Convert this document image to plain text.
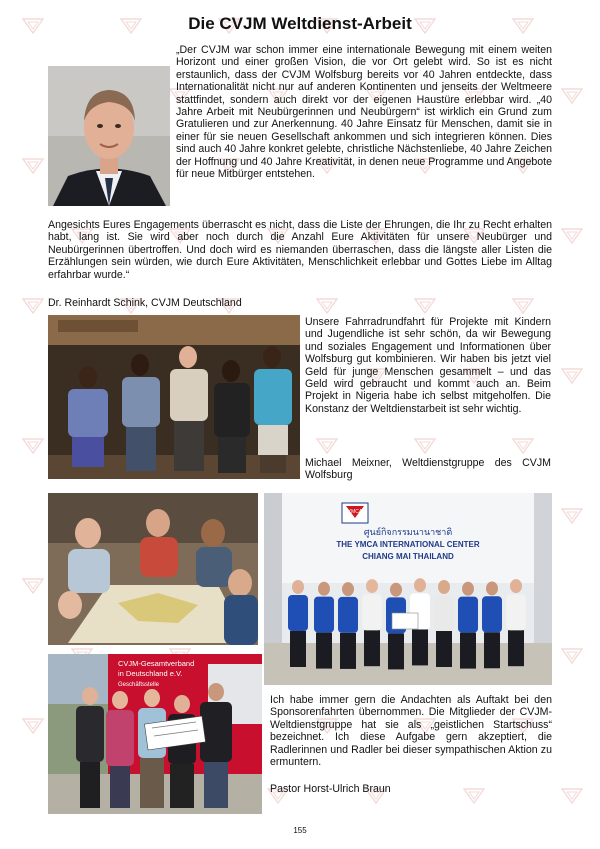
Die CVJM Weltdienst-Arbeit

„Der CVJM war schon immer eine internationale Bewegung mit einem weiten Horizont und einer großen Vision, die vor Ort gelebt wird. So ist es nicht erstaunlich, dass der CVJM Wolfsburg bereits vor 40 Jahren entdeckte, dass Internationalität nicht nur auf anderen Kontinenten und jenseits der Weltmeere stattfindet, sondern auch direkt vor der eigenen Haustüre erlebbar wird. „40 Jahre Arbeit mit Neubürgerinnen und Neubürgern“ ist wirklich ein Grund zum Gratulieren und zur Anerkennung. 40 Jahre Einsatz für Menschen, damit sie in einer für sie neuen Gesellschaft ankommen und sich integrieren können. Dies sind auch 40 Jahre konkret gelebte, christliche Nächstenliebe, 40 Jahre Zeichen der Hoffnung und 40 Jahre Kreativität, in denen neue Programme und Angebote für neue Mitbürger entstehen.

Angesichts Eures Engagements überrascht es nicht, dass die Liste der Ehrungen, die Ihr zu Recht erhalten habt, lang ist. Sie wird aber noch durch die Anzahl Eure Aktivitäten für unsere Neubürger und Neubürgerinnen übertroffen. Und doch wird es niemanden überraschen, dass die längste aller Listen die Erzählungen sein würden, wie durch Eure Aktivitäten, Menschlichkeit erlebbar und Gottes Liebe im Alltag erfahrbar wurde.“

Dr. Reinhardt Schink, CVJM Deutschland

Unsere Fahrradrundfahrt für Projekte mit Kindern und Jugendliche ist sehr schön, da wir Bewegung und soziales Engagement und Informationen über Wolfsburg gut kombinieren. Wir haben bis jetzt viel Geld für junge Menschen gesammelt – und das Geld wird gebraucht und kommt auch an. Beim Projekt in Nigeria habe ich selbst mitgeholfen. Die Konstanz der Weltdienstarbeit ist sehr wichtig.

Michael Meixner, Weltdienstgruppe des CVJM Wolfsburg

YMCA
ศูนย์กิจกรรมนานาชาติ
THE YMCA INTERNATIONAL CENTER
CHIANG MAI THAILAND
CVJM-Gesamtverband
in Deutschland e.V.
Geschäftsstelle

Ich habe immer gern die Andachten als Auftakt bei den Sponsorenfahrten übernommen. Die Mitglieder der CVJM-Weltdienstgruppe hat sie als „geistlichen Startschuss“ bezeichnet. Ich diese Aufgabe gern akzeptiert, die Radlerinnen und Radler bei dieser sympathischen Aktion zu ermuntern.

Pastor Horst-Ulrich Braun

155
